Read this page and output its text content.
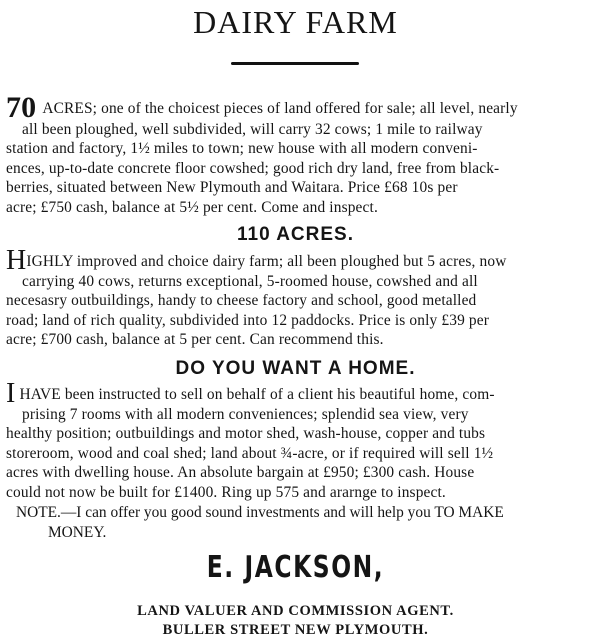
DAIRY FARM
70 ACRES; one of the choicest pieces of land offered for sale; all level, nearly
all been ploughed, well subdivided, will carry 32 cows; 1 mile to railway
station and factory, 1½ miles to town; new house with all modern conveni-
ences, up-to-date concrete floor cowshed; good rich dry land, free from black-
berries, situated between New Plymouth and Waitara. Price £68 10s per
acre; £750 cash, balance at 5½ per cent. Come and inspect.
110 ACRES.
HIGHLY improved and choice dairy farm; all been ploughed but 5 acres, now
carrying 40 cows, returns exceptional, 5-roomed house, cowshed and all
necesasry outbuildings, handy to cheese factory and school, good metalled
road; land of rich quality, subdivided into 12 paddocks. Price is only £39 per
acre; £700 cash, balance at 5 per cent. Can recommend this.
DO YOU WANT A HOME.
I HAVE been instructed to sell on behalf of a client his beautiful home, com-
prising 7 rooms with all modern conveniences; splendid sea view, very
healthy position; outbuildings and motor shed, wash-house, copper and tubs
storeroom, wood and coal shed; land about ¾-acre, or if required will sell 1½
acres with dwelling house. An absolute bargain at £950; £300 cash. House
could not now be built for £1400. Ring up 575 and ararnge to inspect.
NOTE.—I can offer you good sound investments and will help you TO MAKE
MONEY.
E. JACKSON,
LAND VALUER AND COMMISSION AGENT.
BULLER STREET NEW PLYMOUTH.
